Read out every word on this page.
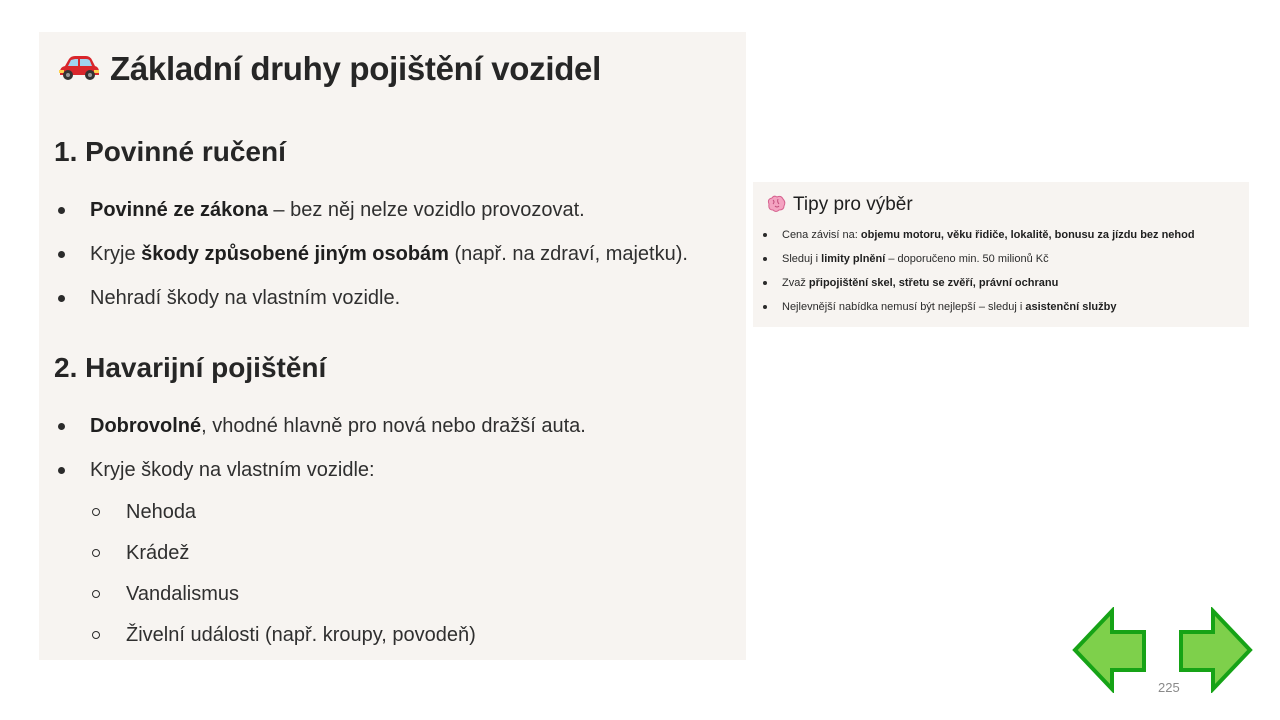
Základní druhy pojištění vozidel
1. Povinné ručení
Povinné ze zákona – bez něj nelze vozidlo provozovat.
Kryje škody způsobené jiným osobám (např. na zdraví, majetku).
Nehradí škody na vlastním vozidle.
2. Havarijní pojištění
Dobrovolné, vhodné hlavně pro nová nebo dražší auta.
Kryje škody na vlastním vozidle:
Nehoda
Krádež
Vandalismus
Živelní události (např. kroupy, povodeň)
Tipy pro výběr
Cena závisí na: objemu motoru, věku řidiče, lokalitě, bonusu za jízdu bez nehod
Sleduj i limity plnění – doporučeno min. 50 milionů Kč
Zvaž připojištění skel, střetu se zvěří, právní ochranu
Nejlevnější nabídka nemusí být nejlepší – sleduj i asistenční služby
225
